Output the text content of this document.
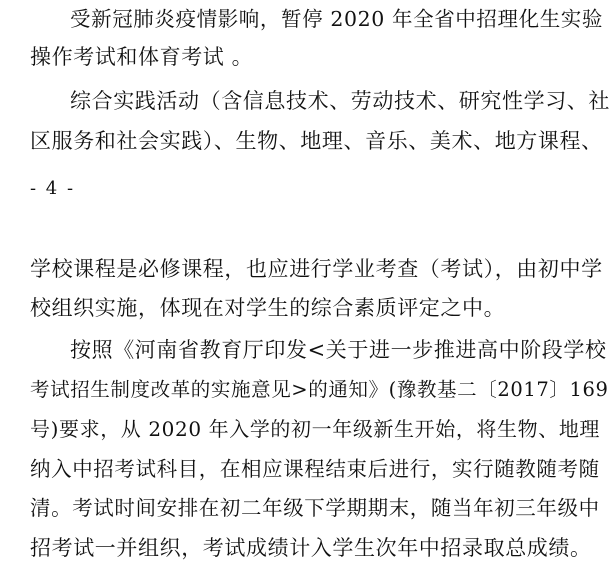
受新冠肺炎疫情影响，暂停 2020 年全省中招理化生实验
操作考试和体育考试 。
综合实践活动（含信息技术、劳动技术、研究性学习、社
区服务和社会实践）、生物、地理、音乐、美术、地方课程、
- 4 -
学校课程是必修课程，也应进行学业考查（考试），由初中学
校组织实施，体现在对学生的综合素质评定之中。
按照《河南省教育厅印发<关于进一步推进高中阶段学校
考试招生制度改革的实施意见>的通知》(豫教基二〔2017〕169
号)要求，从 2020 年入学的初一年级新生开始，将生物、地理
纳入中招考试科目，在相应课程结束后进行，实行随教随考随
清。考试时间安排在初二年级下学期期末，随当年初三年级中
招考试一并组织，考试成绩计入学生次年中招录取总成绩。
